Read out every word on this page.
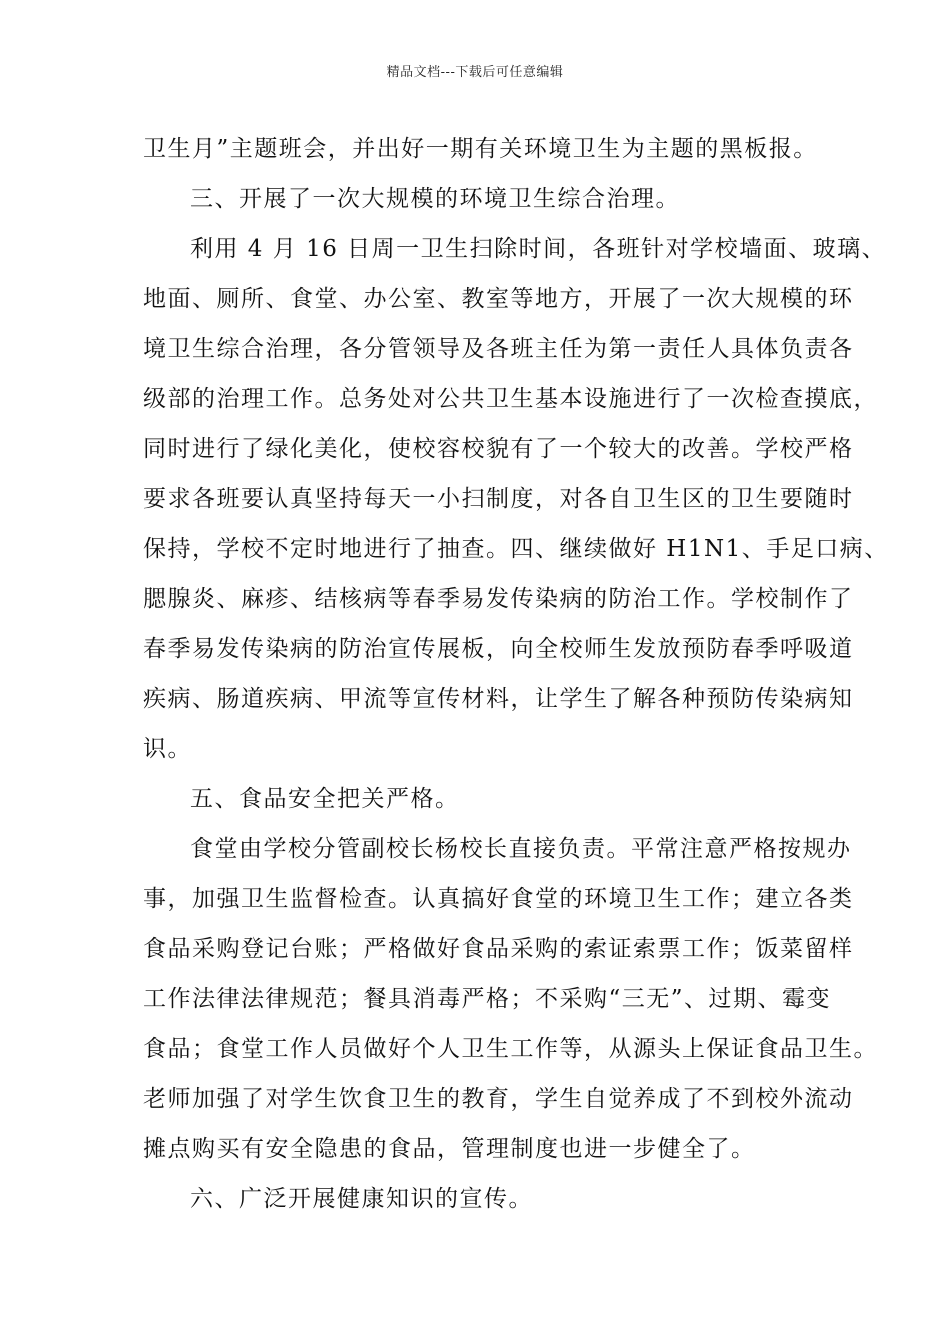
精品文档---下载后可任意编辑
卫生月”主题班会，并出好一期有关环境卫生为主题的黑板报。
三、开展了一次大规模的环境卫生综合治理。
利用 4 月 16 日周一卫生扫除时间，各班针对学校墙面、玻璃、
地面、厕所、食堂、办公室、教室等地方，开展了一次大规模的环
境卫生综合治理，各分管领导及各班主任为第一责任人具体负责各
级部的治理工作。总务处对公共卫生基本设施进行了一次检查摸底，
同时进行了绿化美化，使校容校貌有了一个较大的改善。学校严格
要求各班要认真坚持每天一小扫制度，对各自卫生区的卫生要随时
保持，学校不定时地进行了抽查。四、继续做好 H1N1、手足口病、
腮腺炎、麻疹、结核病等春季易发传染病的防治工作。学校制作了
春季易发传染病的防治宣传展板，向全校师生发放预防春季呼吸道
疾病、肠道疾病、甲流等宣传材料，让学生了解各种预防传染病知
识。
五、食品安全把关严格。
食堂由学校分管副校长杨校长直接负责。平常注意严格按规办
事，加强卫生监督检查。认真搞好食堂的环境卫生工作；建立各类
食品采购登记台账；严格做好食品采购的索证索票工作；饭菜留样
工作法律法律规范；餐具消毒严格；不采购“三无”、过期、霉变
食品；食堂工作人员做好个人卫生工作等，从源头上保证食品卫生。
老师加强了对学生饮食卫生的教育，学生自觉养成了不到校外流动
摊点购买有安全隐患的食品，管理制度也进一步健全了。
六、广泛开展健康知识的宣传。
